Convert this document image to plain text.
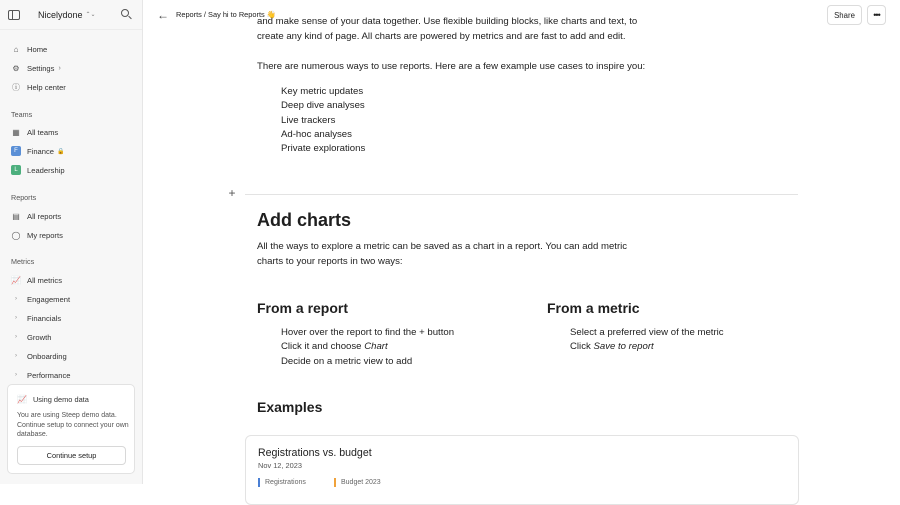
Nicelydone ⌃⌄
⌂	Home
⚙ Settings ›
ⓘ Help center
Teams
▦ All teams
F	Finance 🔒
L	Leadership
Reports
▤ All reports
◯ My reports
Metrics
📈 All metrics
›	Engagement
›	Financials
›	Growth
›	Onboarding
›	Performance
📈 Using demo data
You are using Steep demo data. Continue setup to connect your own database.
Continue setup
← Reports / Say hi to Reports 👋	Share	•••
and make sense of your data together. Use flexible building blocks, like charts and text, to
create any kind of page. All charts are powered by metrics and are fast to add and edit.
There are numerous ways to use reports. Here are a few example use cases to inspire you:
Key metric updates
Deep dive analyses
Live trackers
Ad-hoc analyses
Private explorations
+
Add charts
All the ways to explore a metric can be saved as a chart in a report. You can add metric charts to your reports in two ways:
From a report
Hover over the report to find the + button
Click it and choose Chart
Decide on a metric view to add
From a metric
Select a preferred view of the metric
Click Save to report
Examples
Registrations vs. budget
Nov 12, 2023
Registrations	Budget 2023
